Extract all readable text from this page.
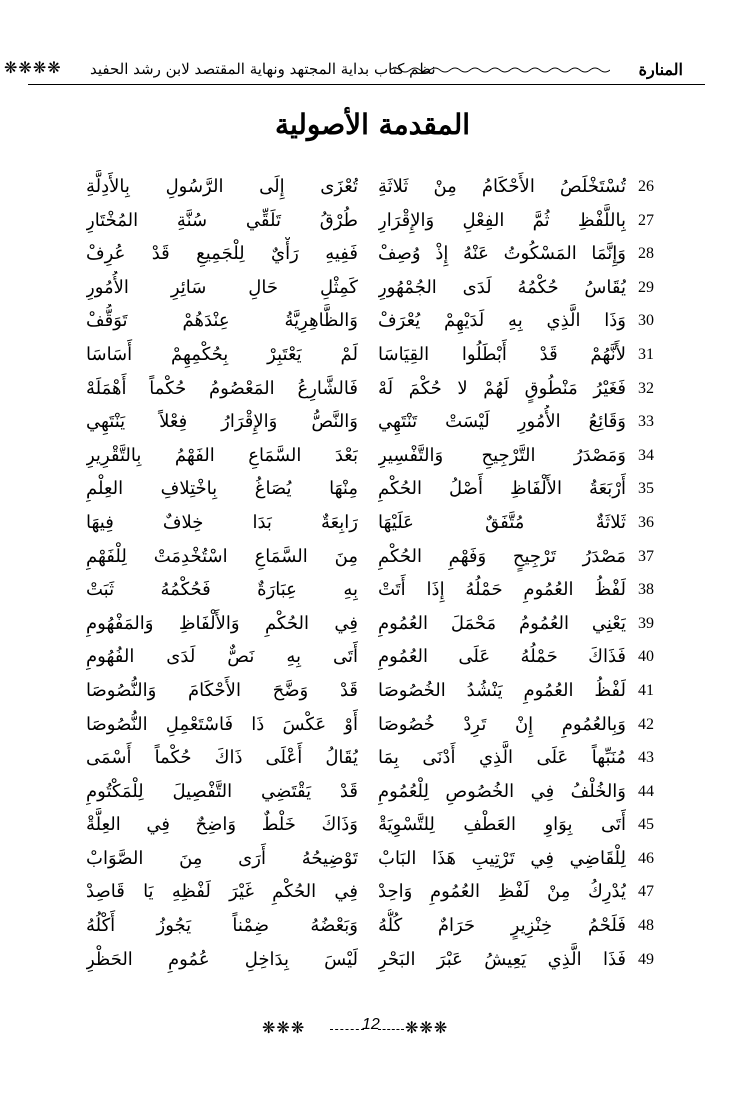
المنارة
نظم كتاب بداية المجتهد ونهاية المقتصد لابن رشد الحفيد
❋❋❋❋
المقدمة الأصولية
26
27
28
29
30
31
32
33
34
35
36
37
38
39
40
41
42
43
44
45
46
47
48
49
تُسْتَخْلَصُ الأَحْكَامُ مِنْ ثَلاثَةِ
بِاللَّفْظِ ثُمَّ الفِعْلِ وَالإِقْرَارِ
وَإِنَّمَا المَسْكُوتُ عَنْهُ إِذْ وُصِفْ
يُقَاسُ حُكْمُهُ لَدَى الجُمْهُورِ
وَذَا الَّذِي بِهِ لَدَيْهِمْ يُعْرَفْ
لأَنَّهُمْ قَدْ أَبْطَلُوا القِيَاسَا
فَغَيْرُ مَنْطُوقٍ لَهُمْ لا حُكْمَ لَهْ
وَقَائِعُ الأُمُورِ لَيْسَتْ تَنْتَهِي
وَمَصْدَرُ التَّرْجِيحِ وَالتَّفْسِيرِ
أَرْبَعَةُ الأَلْفَاظِ أَصْلُ الحُكْمِ
ثَلاثَةٌ مُتَّفَقٌ عَلَيْهَا
مَصْدَرُ تَرْجِيحٍ وَفَهْمِ الحُكْمِ
لَفْظُ العُمُومِ حَمْلُهُ إِذَا أَتَتْ
يَعْنِي العُمُومُ مَحْمَلَ العُمُومِ
فَذَاكَ حَمْلُهُ عَلَى العُمُومِ
لَفْظُ العُمُومِ يَنْشُدُ الخُصُوصَا
وَبِالعُمُومِ إِنْ تَرِدْ خُصُوصَا
مُنَبِّهاً عَلَى الَّذِي أَدْنَى بِمَا
وَالخُلْفُ فِي الخُصُوصِ لِلْعُمُومِ
أَتَى بِوَاوِ العَطْفِ لِلتَّسْوِيَةْ
لِلْقَاضِي فِي تَرْتِيبِ هَذَا البَابْ
يُدْرِكُ مِنْ لَفْظِ العُمُومِ وَاحِدْ
فَلَحْمُ خِنْزِيرٍ حَرَامٌ كُلُّهُ
فَذَا الَّذِي يَعِيشُ عَبْرَ البَحْرِ
تُعْزَى إِلَى الرَّسُولِ بِالأَدِلَّةِ
طُرْقُ تَلَقِّي سُنَّةِ المُخْتَارِ
فَفِيهِ رَأْيٌ لِلْجَمِيعِ قَدْ عُرِفْ
كَمِثْلِ حَالِ سَائِرِ الأُمُورِ
وَالظَّاهِرِيَّةُ عِنْدَهُمْ تَوَقُّفْ
لَمْ يَعْتَبِرْ بِحُكْمِهِمْ أَسَاسَا
فَالشَّارِعُ المَعْصُومُ حُكْماً أَهْمَلَهْ
وَالنَّصُّ وَالإِقْرَارُ فِعْلاً يَنْتَهِي
بَعْدَ السَّمَاعِ الفَهْمُ بِالتَّقْرِيرِ
مِنْهَا يُصَاغُ بِاخْتِلافِ العِلْمِ
رَابِعَةٌ بَدَا خِلافٌ فِيهَا
مِنَ السَّمَاعِ اسْتُخْدِمَتْ لِلْفَهْمِ
بِهِ عِبَارَةٌ فَحُكْمُهُ ثَبَتْ
فِي الحُكْمِ وَالأَلْفَاظِ وَالمَفْهُومِ
أَتَى بِهِ نَصٌّ لَدَى الفُهُومِ
قَدْ وَضَّحَ الأَحْكَامَ وَالنُّصُوصَا
أَوْ عَكْسَ ذَا فَاسْتَعْمِلِ النُّصُوصَا
يُقَالُ أَعْلَى ذَاكَ حُكْماً أَسْمَى
قَدْ يَقْتَضِي التَّفْصِيلَ لِلْمَكْتُومِ
وَذَاكَ خَلْطٌ وَاضِحٌ فِي العِلَّةْ
تَوْضِيحُهُ أَرَى مِنَ الصَّوَابْ
فِي الحُكْمِ غَيْرَ لَفْظِهِ يَا قَاصِدْ
وَبَعْضُهُ ضِمْناً يَجُوزُ أَكْلُهُ
لَيْسَ بِدَاخِلِ عُمُومِ الحَظْرِ
❋❋❋	12 ❋❋❋
